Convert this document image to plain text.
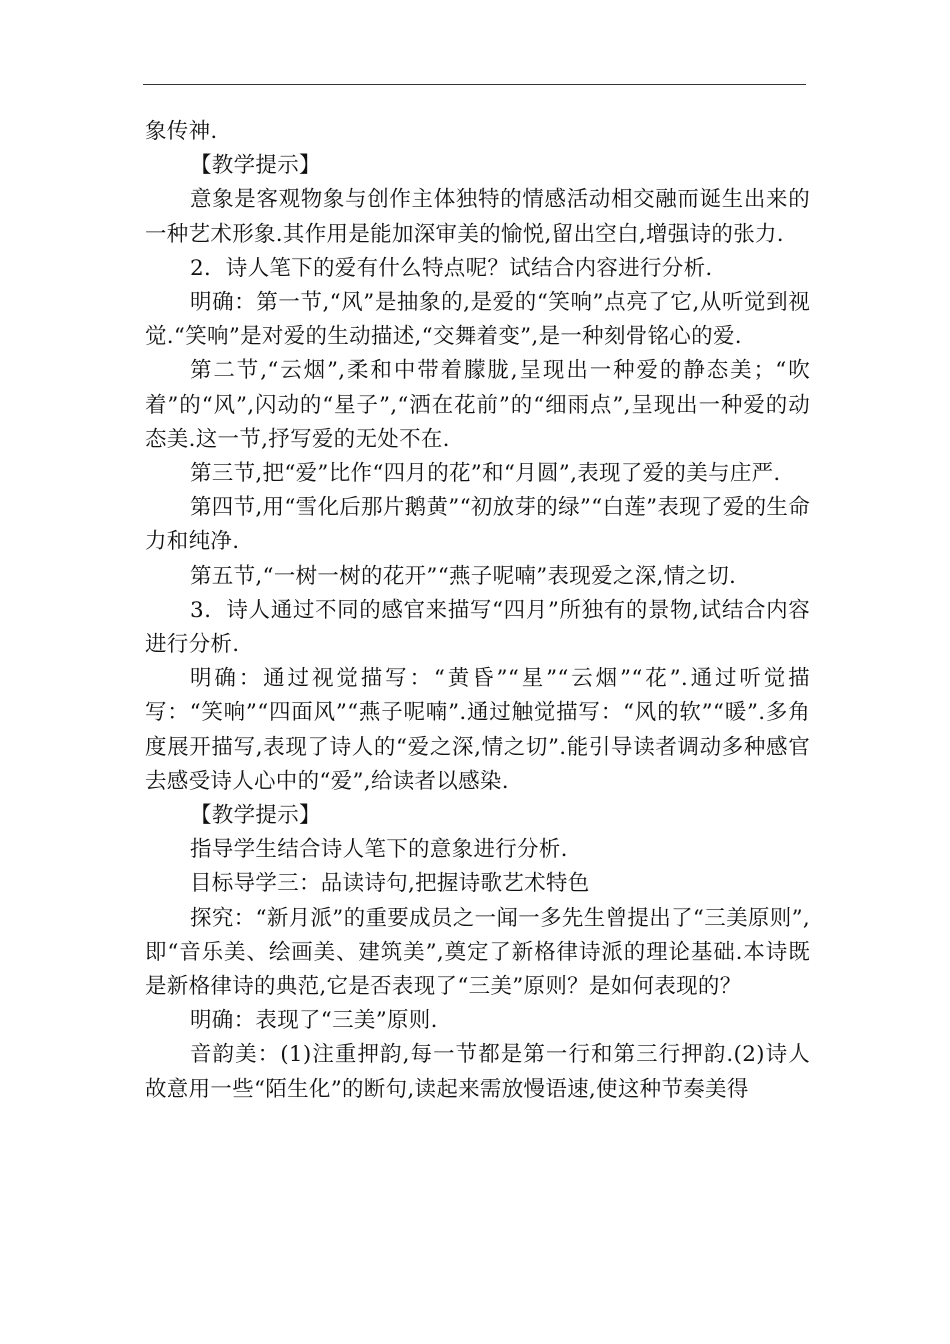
象传神.

【教学提示】

意象是客观物象与创作主体独特的情感活动相交融而诞生出来的一种艺术形象.其作用是能加深审美的愉悦,留出空白,增强诗的张力.

2．诗人笔下的爱有什么特点呢？试结合内容进行分析.

明确：第一节,“风”是抽象的,是爱的“笑响”点亮了它,从听觉到视觉.“笑响”是对爱的生动描述,“交舞着变”,是一种刻骨铭心的爱.

第二节,“云烟”,柔和中带着朦胧,呈现出一种爱的静态美；“吹着”的“风”,闪动的“星子”,“洒在花前”的“细雨点”,呈现出一种爱的动态美.这一节,抒写爱的无处不在.

第三节,把“爱”比作“四月的花”和“月圆”,表现了爱的美与庄严.

第四节,用“雪化后那片鹅黄”“初放芽的绿”“白莲”表现了爱的生命力和纯净.

第五节,“一树一树的花开”“燕子呢喃”表现爱之深,情之切.

3．诗人通过不同的感官来描写“四月”所独有的景物,试结合内容进行分析.

明确：通过视觉描写：“黄昏”“星”“云烟”“花”.通过听觉描写：“笑响”“四面风”“燕子呢喃”.通过触觉描写：“风的软”“暖”.多角度展开描写,表现了诗人的“爱之深,情之切”.能引导读者调动多种感官去感受诗人心中的“爱”,给读者以感染.

【教学提示】

指导学生结合诗人笔下的意象进行分析.

目标导学三：品读诗句,把握诗歌艺术特色

探究：“新月派”的重要成员之一闻一多先生曾提出了“三美原则”,即“音乐美、绘画美、建筑美”,奠定了新格律诗派的理论基础.本诗既是新格律诗的典范,它是否表现了“三美”原则？是如何表现的？

明确：表现了“三美”原则.

音韵美：(1)注重押韵,每一节都是第一行和第三行押韵.(2)诗人故意用一些“陌生化”的断句,读起来需放慢语速,使这种节奏美得
